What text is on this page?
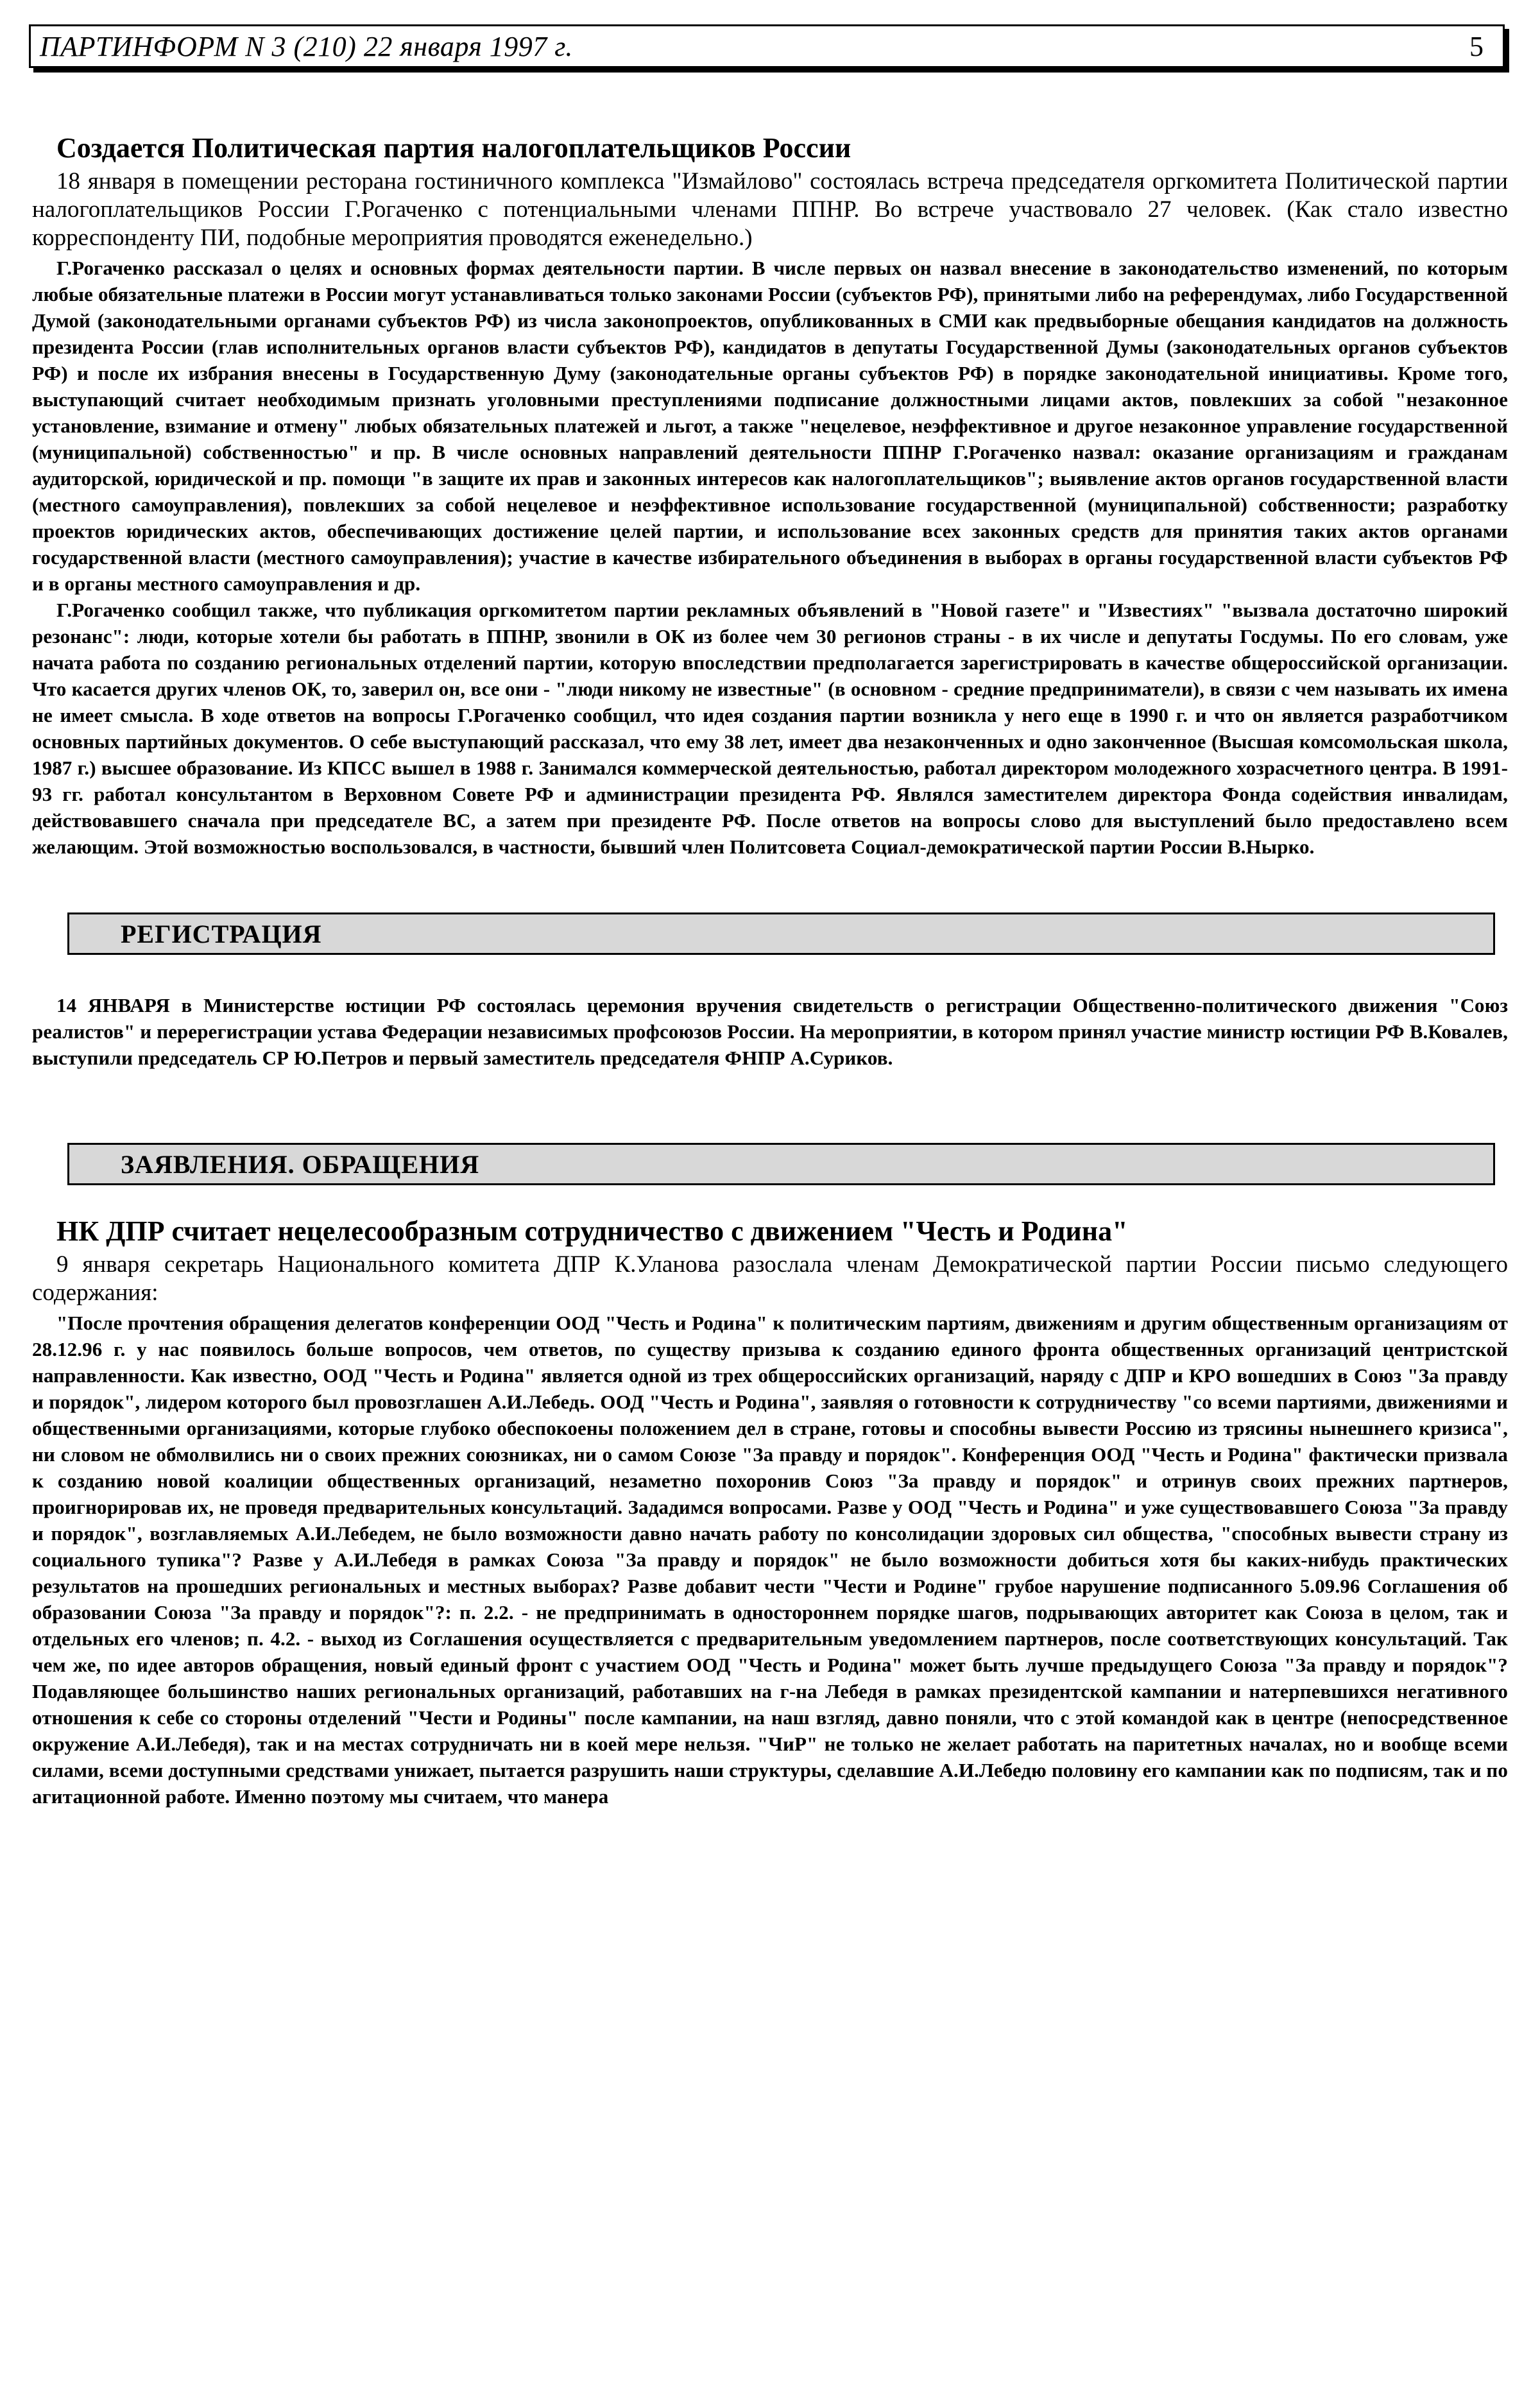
ПАРТИНФОРМ N 3 (210) 22 января 1997 г.	5
Создается Политическая партия налогоплательщиков России

18 января в помещении ресторана гостиничного комплекса "Измайлово" состоялась встреча председателя оргкомитета Политической партии налогоплательщиков России Г.Рогаченко с потенциальными членами ППНР. Во встрече участвовало 27 человек. (Как стало известно корреспонденту ПИ, подобные мероприятия проводятся еженедельно.)

Г.Рогаченко рассказал о целях и основных формах деятельности партии. В числе первых он назвал внесение в законодательство изменений, по которым любые обязательные платежи в России могут устанавливаться только законами России (субъектов РФ), принятыми либо на референдумах, либо Государственной Думой (законодательными органами субъектов РФ) из числа законопроектов, опубликованных в СМИ как предвыборные обещания кандидатов на должность президента России (глав исполнительных органов власти субъектов РФ), кандидатов в депутаты Государственной Думы (законодательных органов субъектов РФ) и после их избрания внесены в Государственную Думу (законодательные органы субъектов РФ) в порядке законодательной инициативы. Кроме того, выступающий считает необходимым признать уголовными преступлениями подписание должностными лицами актов, повлекших за собой "незаконное установление, взимание и отмену" любых обязательных платежей и льгот, а также "нецелевое, неэффективное и другое незаконное управление государственной (муниципальной) собственностью" и пр. В числе основных направлений деятельности ППНР Г.Рогаченко назвал: оказание организациям и гражданам аудиторской, юридической и пр. помощи "в защите их прав и законных интересов как налогоплательщиков"; выявление актов органов государственной власти (местного самоуправления), повлекших за собой нецелевое и неэффективное использование государственной (муниципальной) собственности; разработку проектов юридических актов, обеспечивающих достижение целей партии, и использование всех законных средств для принятия таких актов органами государственной власти (местного самоуправления); участие в качестве избирательного объединения в выборах в органы государственной власти субъектов РФ и в органы местного самоуправления и др.

Г.Рогаченко сообщил также, что публикация оргкомитетом партии рекламных объявлений в "Новой газете" и "Известиях" "вызвала достаточно широкий резонанс": люди, которые хотели бы работать в ППНР, звонили в ОК из более чем 30 регионов страны - в их числе и депутаты Госдумы. По его словам, уже начата работа по созданию региональных отделений партии, которую впоследствии предполагается зарегистрировать в качестве общероссийской организации. Что касается других членов ОК, то, заверил он, все они - "люди никому не известные" (в основном - средние предприниматели), в связи с чем называть их имена не имеет смысла. В ходе ответов на вопросы Г.Рогаченко сообщил, что идея создания партии возникла у него еще в 1990 г. и что он является разработчиком основных партийных документов. О себе выступающий рассказал, что ему 38 лет, имеет два незаконченных и одно законченное (Высшая комсомольская школа, 1987 г.) высшее образование. Из КПСС вышел в 1988 г. Занимался коммерческой деятельностью, работал директором молодежного хозрасчетного центра. В 1991-93 гг. работал консультантом в Верховном Совете РФ и администрации президента РФ. Являлся заместителем директора Фонда содействия инвалидам, действовавшего сначала при председателе ВС, а затем при президенте РФ. После ответов на вопросы слово для выступлений было предоставлено всем желающим. Этой возможностью воспользовался, в частности, бывший член Политсовета Социал-демократической партии России В.Нырко.

РЕГИСТРАЦИЯ

14 ЯНВАРЯ в Министерстве юстиции РФ состоялась церемония вручения свидетельств о регистрации Общественно-политического движения "Союз реалистов" и перерегистрации устава Федерации независимых профсоюзов России. На мероприятии, в котором принял участие министр юстиции РФ В.Ковалев, выступили председатель СР Ю.Петров и первый заместитель председателя ФНПР А.Суриков.

ЗАЯВЛЕНИЯ. ОБРАЩЕНИЯ
НК ДПР считает нецелесообразным сотрудничество с движением "Честь и Родина"

9 января секретарь Национального комитета ДПР К.Уланова разослала членам Демократической партии России письмо следующего содержания:

"После прочтения обращения делегатов конференции ООД "Честь и Родина" к политическим партиям, движениям и другим общественным организациям от 28.12.96 г. у нас появилось больше вопросов, чем ответов, по существу призыва к созданию единого фронта общественных организаций центристской направленности. Как известно, ООД "Честь и Родина" является одной из трех общероссийских организаций, наряду с ДПР и КРО вошедших в Союз "За правду и порядок", лидером которого был провозглашен А.И.Лебедь. ООД "Честь и Родина", заявляя о готовности к сотрудничеству "со всеми партиями, движениями и общественными организациями, которые глубоко обеспокоены положением дел в стране, готовы и способны вывести Россию из трясины нынешнего кризиса", ни словом не обмолвились ни о своих прежних союзниках, ни о самом Союзе "За правду и порядок". Конференция ООД "Честь и Родина" фактически призвала к созданию новой коалиции общественных организаций, незаметно похоронив Союз "За правду и порядок" и отринув своих прежних партнеров, проигнорировав их, не проведя предварительных консультаций. Зададимся вопросами. Разве у ООД "Честь и Родина" и уже существовавшего Союза "За правду и порядок", возглавляемых А.И.Лебедем, не было возможности давно начать работу по консолидации здоровых сил общества, "способных вывести страну из социального тупика"? Разве у А.И.Лебедя в рамках Союза "За правду и порядок" не было возможности добиться хотя бы каких-нибудь практических результатов на прошедших региональных и местных выборах? Разве добавит чести "Чести и Родине" грубое нарушение подписанного 5.09.96 Соглашения об образовании Союза "За правду и порядок"?: п. 2.2. - не предпринимать в одностороннем порядке шагов, подрывающих авторитет как Союза в целом, так и отдельных его членов; п. 4.2. - выход из Соглашения осуществляется с предварительным уведомлением партнеров, после соответствующих консультаций. Так чем же, по идее авторов обращения, новый единый фронт с участием ООД "Честь и Родина" может быть лучше предыдущего Союза "За правду и порядок"? Подавляющее большинство наших региональных организаций, работавших на г-на Лебедя в рамках президентской кампании и натерпевшихся негативного отношения к себе со стороны отделений "Чести и Родины" после кампании, на наш взгляд, давно поняли, что с этой командой как в центре (непосредственное окружение А.И.Лебедя), так и на местах сотрудничать ни в коей мере нельзя. "ЧиР" не только не желает работать на паритетных началах, но и вообще всеми силами, всеми доступными средствами унижает, пытается разрушить наши структуры, сделавшие А.И.Лебедю половину его кампании как по подписям, так и по агитационной работе. Именно поэтому мы считаем, что манера
